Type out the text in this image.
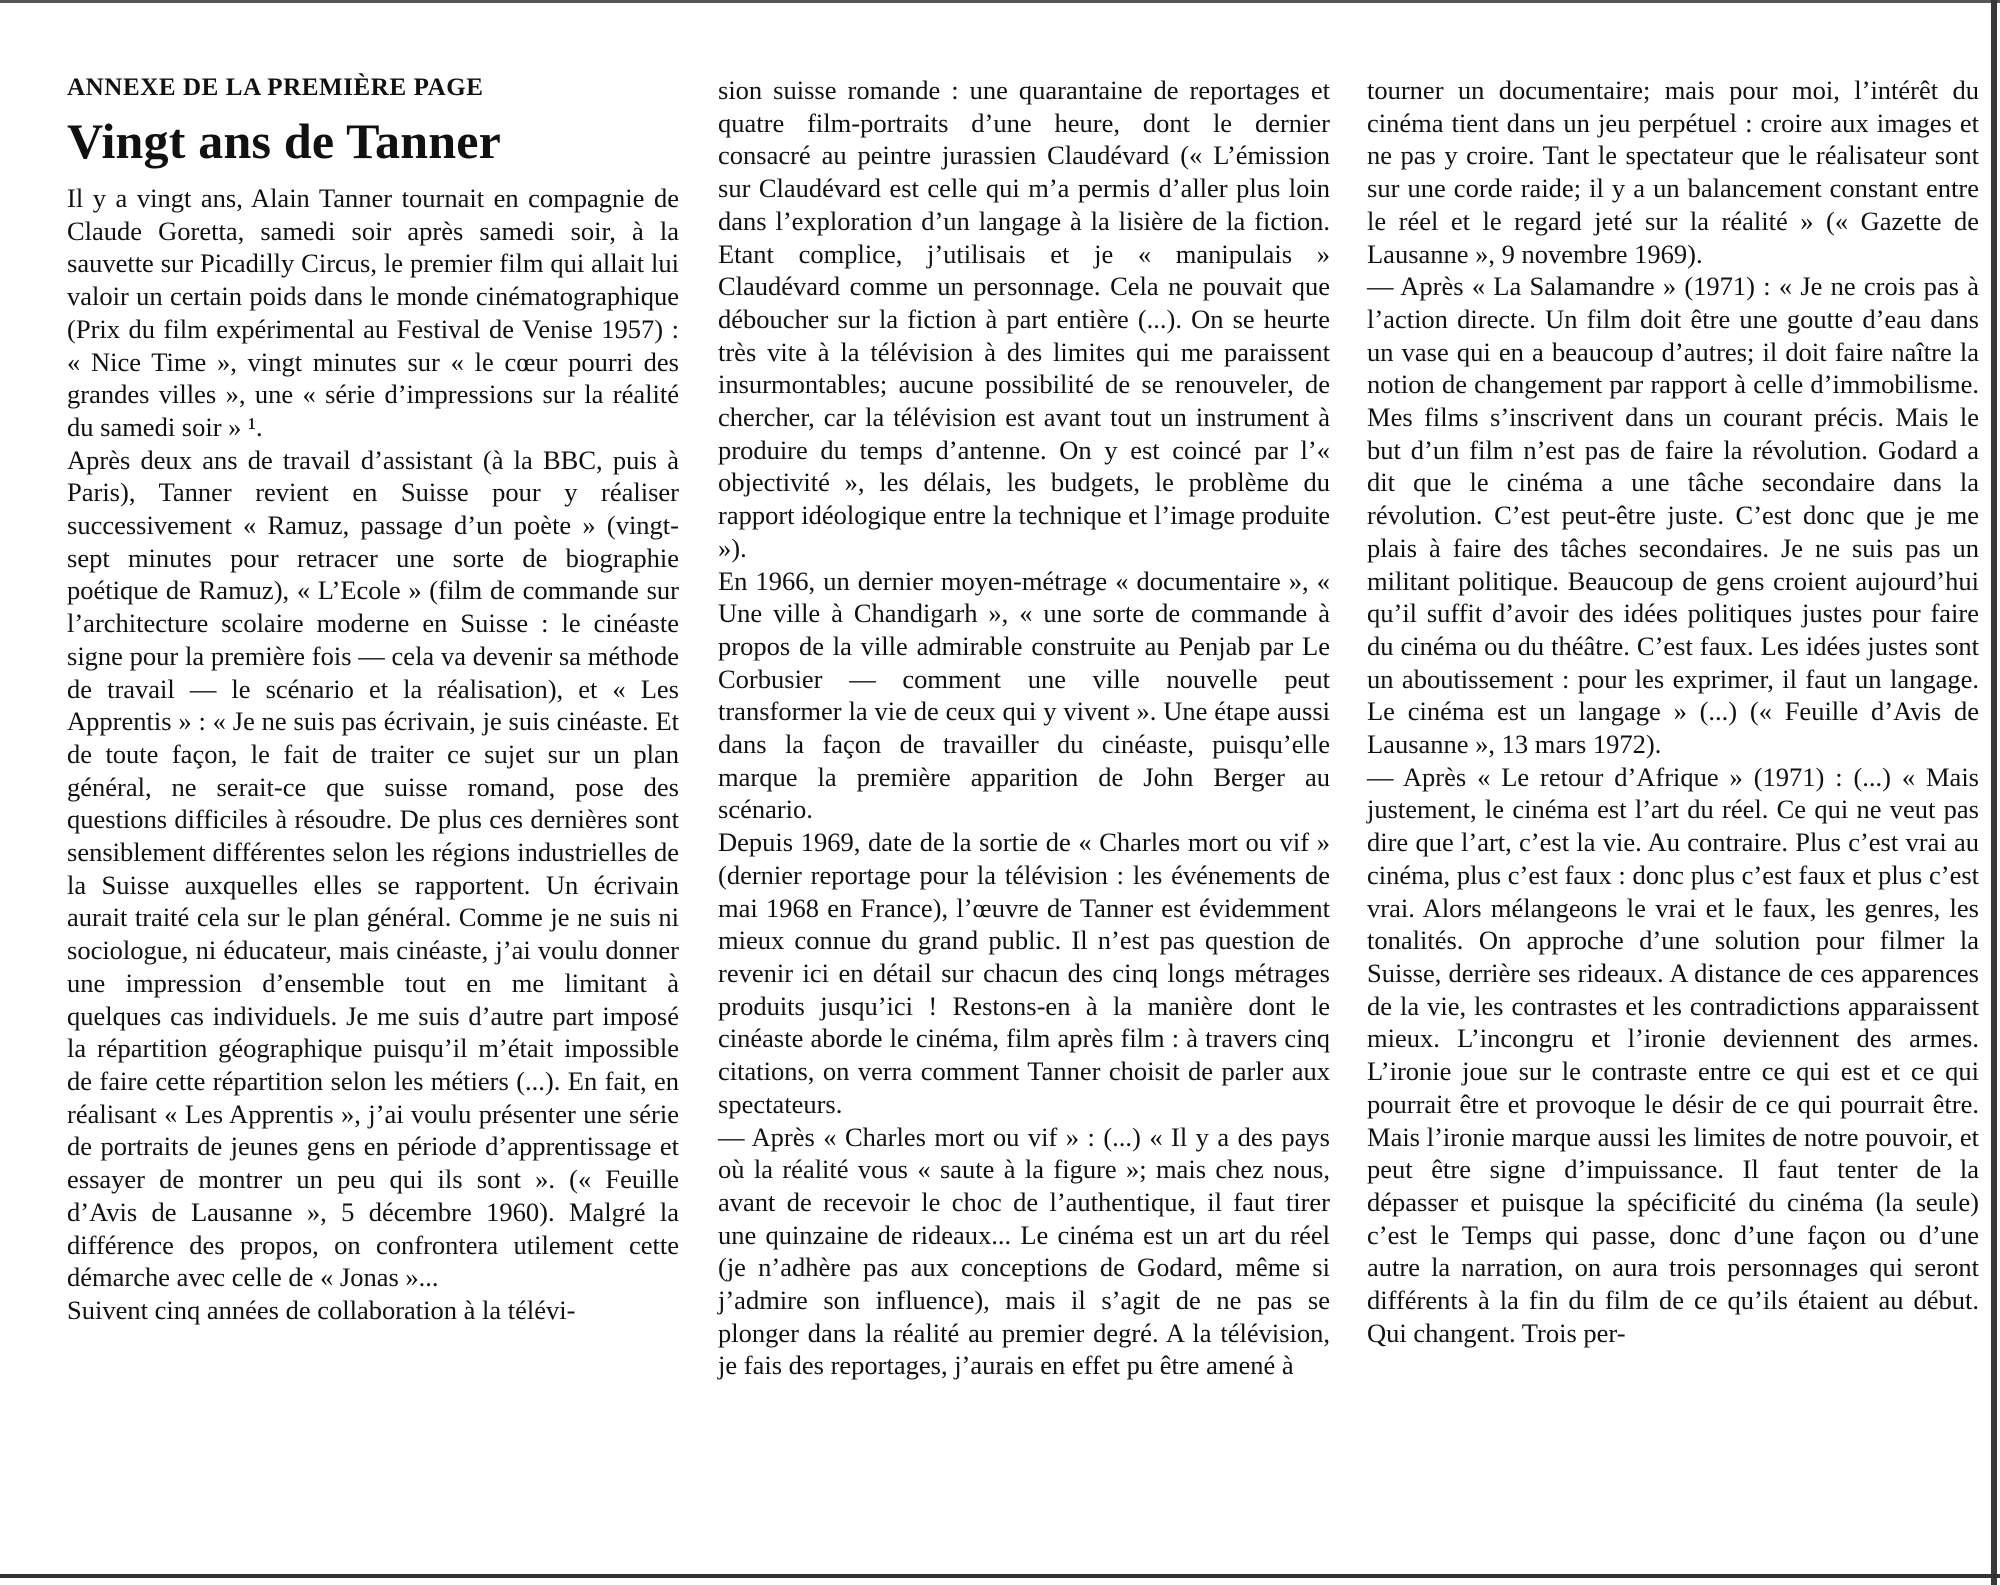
ANNEXE DE LA PREMIÈRE PAGE
Vingt ans de Tanner

Il y a vingt ans, Alain Tanner tournait en compagnie de Claude Goretta, samedi soir après samedi soir, à la sauvette sur Picadilly Circus, le premier film qui allait lui valoir un certain poids dans le monde cinématographique (Prix du film expérimental au Festival de Venise 1957) : « Nice Time », vingt minutes sur « le cœur pourri des grandes villes », une « série d’impressions sur la réalité du samedi soir » ¹.

Après deux ans de travail d’assistant (à la BBC, puis à Paris), Tanner revient en Suisse pour y réaliser successivement « Ramuz, passage d’un poète » (vingt-sept minutes pour retracer une sorte de biographie poétique de Ramuz), « L’Ecole » (film de commande sur l’architecture scolaire moderne en Suisse : le cinéaste signe pour la première fois — cela va devenir sa méthode de travail — le scénario et la réalisation), et « Les Apprentis » : « Je ne suis pas écrivain, je suis cinéaste. Et de toute façon, le fait de traiter ce sujet sur un plan général, ne serait-ce que suisse romand, pose des questions difficiles à résoudre. De plus ces dernières sont sensiblement différentes selon les régions industrielles de la Suisse auxquelles elles se rapportent. Un écrivain aurait traité cela sur le plan général. Comme je ne suis ni sociologue, ni éducateur, mais cinéaste, j’ai voulu donner une impression d’ensemble tout en me limitant à quelques cas individuels. Je me suis d’autre part imposé la répartition géographique puisqu’il m’était impossible de faire cette répartition selon les métiers (...). En fait, en réalisant « Les Apprentis », j’ai voulu présenter une série de portraits de jeunes gens en période d’apprentissage et essayer de montrer un peu qui ils sont ». (« Feuille d’Avis de Lausanne », 5 décembre 1960). Malgré la différence des propos, on confrontera utilement cette démarche avec celle de « Jonas »...

Suivent cinq années de collaboration à la télévi-

sion suisse romande : une quarantaine de reportages et quatre film-portraits d’une heure, dont le dernier consacré au peintre jurassien Claudévard (« L’émission sur Claudévard est celle qui m’a permis d’aller plus loin dans l’exploration d’un langage à la lisière de la fiction. Etant complice, j’utilisais et je « manipulais » Claudévard comme un personnage. Cela ne pouvait que déboucher sur la fiction à part entière (...). On se heurte très vite à la télévision à des limites qui me paraissent insurmontables; aucune possibilité de se renouveler, de chercher, car la télévision est avant tout un instrument à produire du temps d’antenne. On y est coincé par l’« objectivité », les délais, les budgets, le problème du rapport idéologique entre la technique et l’image produite »).

En 1966, un dernier moyen-métrage « documentaire », « Une ville à Chandigarh », « une sorte de commande à propos de la ville admirable construite au Penjab par Le Corbusier — comment une ville nouvelle peut transformer la vie de ceux qui y vivent ». Une étape aussi dans la façon de travailler du cinéaste, puisqu’elle marque la première apparition de John Berger au scénario.

Depuis 1969, date de la sortie de « Charles mort ou vif » (dernier reportage pour la télévision : les événements de mai 1968 en France), l’œuvre de Tanner est évidemment mieux connue du grand public. Il n’est pas question de revenir ici en détail sur chacun des cinq longs métrages produits jusqu’ici ! Restons-en à la manière dont le cinéaste aborde le cinéma, film après film : à travers cinq citations, on verra comment Tanner choisit de parler aux spectateurs.

— Après « Charles mort ou vif » : (...) « Il y a des pays où la réalité vous « saute à la figure »; mais chez nous, avant de recevoir le choc de l’authentique, il faut tirer une quinzaine de rideaux... Le cinéma est un art du réel (je n’adhère pas aux conceptions de Godard, même si j’admire son influence), mais il s’agit de ne pas se plonger dans la réalité au premier degré. A la télévision, je fais des reportages, j’aurais en effet pu être amené à

tourner un documentaire; mais pour moi, l’intérêt du cinéma tient dans un jeu perpétuel : croire aux images et ne pas y croire. Tant le spectateur que le réalisateur sont sur une corde raide; il y a un balancement constant entre le réel et le regard jeté sur la réalité » (« Gazette de Lausanne », 9 novembre 1969).

— Après « La Salamandre » (1971) : « Je ne crois pas à l’action directe. Un film doit être une goutte d’eau dans un vase qui en a beaucoup d’autres; il doit faire naître la notion de changement par rapport à celle d’immobilisme. Mes films s’inscrivent dans un courant précis. Mais le but d’un film n’est pas de faire la révolution. Godard a dit que le cinéma a une tâche secondaire dans la révolution. C’est peut-être juste. C’est donc que je me plais à faire des tâches secondaires. Je ne suis pas un militant politique. Beaucoup de gens croient aujourd’hui qu’il suffit d’avoir des idées politiques justes pour faire du cinéma ou du théâtre. C’est faux. Les idées justes sont un aboutissement : pour les exprimer, il faut un langage. Le cinéma est un langage » (...) (« Feuille d’Avis de Lausanne », 13 mars 1972).

— Après « Le retour d’Afrique » (1971) : (...) « Mais justement, le cinéma est l’art du réel. Ce qui ne veut pas dire que l’art, c’est la vie. Au contraire. Plus c’est vrai au cinéma, plus c’est faux : donc plus c’est faux et plus c’est vrai. Alors mélangeons le vrai et le faux, les genres, les tonalités. On approche d’une solution pour filmer la Suisse, derrière ses rideaux. A distance de ces apparences de la vie, les contrastes et les contradictions apparaissent mieux. L’incongru et l’ironie deviennent des armes. L’ironie joue sur le contraste entre ce qui est et ce qui pourrait être et provoque le désir de ce qui pourrait être. Mais l’ironie marque aussi les limites de notre pouvoir, et peut être signe d’impuissance. Il faut tenter de la dépasser et puisque la spécificité du cinéma (la seule) c’est le Temps qui passe, donc d’une façon ou d’une autre la narration, on aura trois personnages qui seront différents à la fin du film de ce qu’ils étaient au début. Qui changent. Trois per-
